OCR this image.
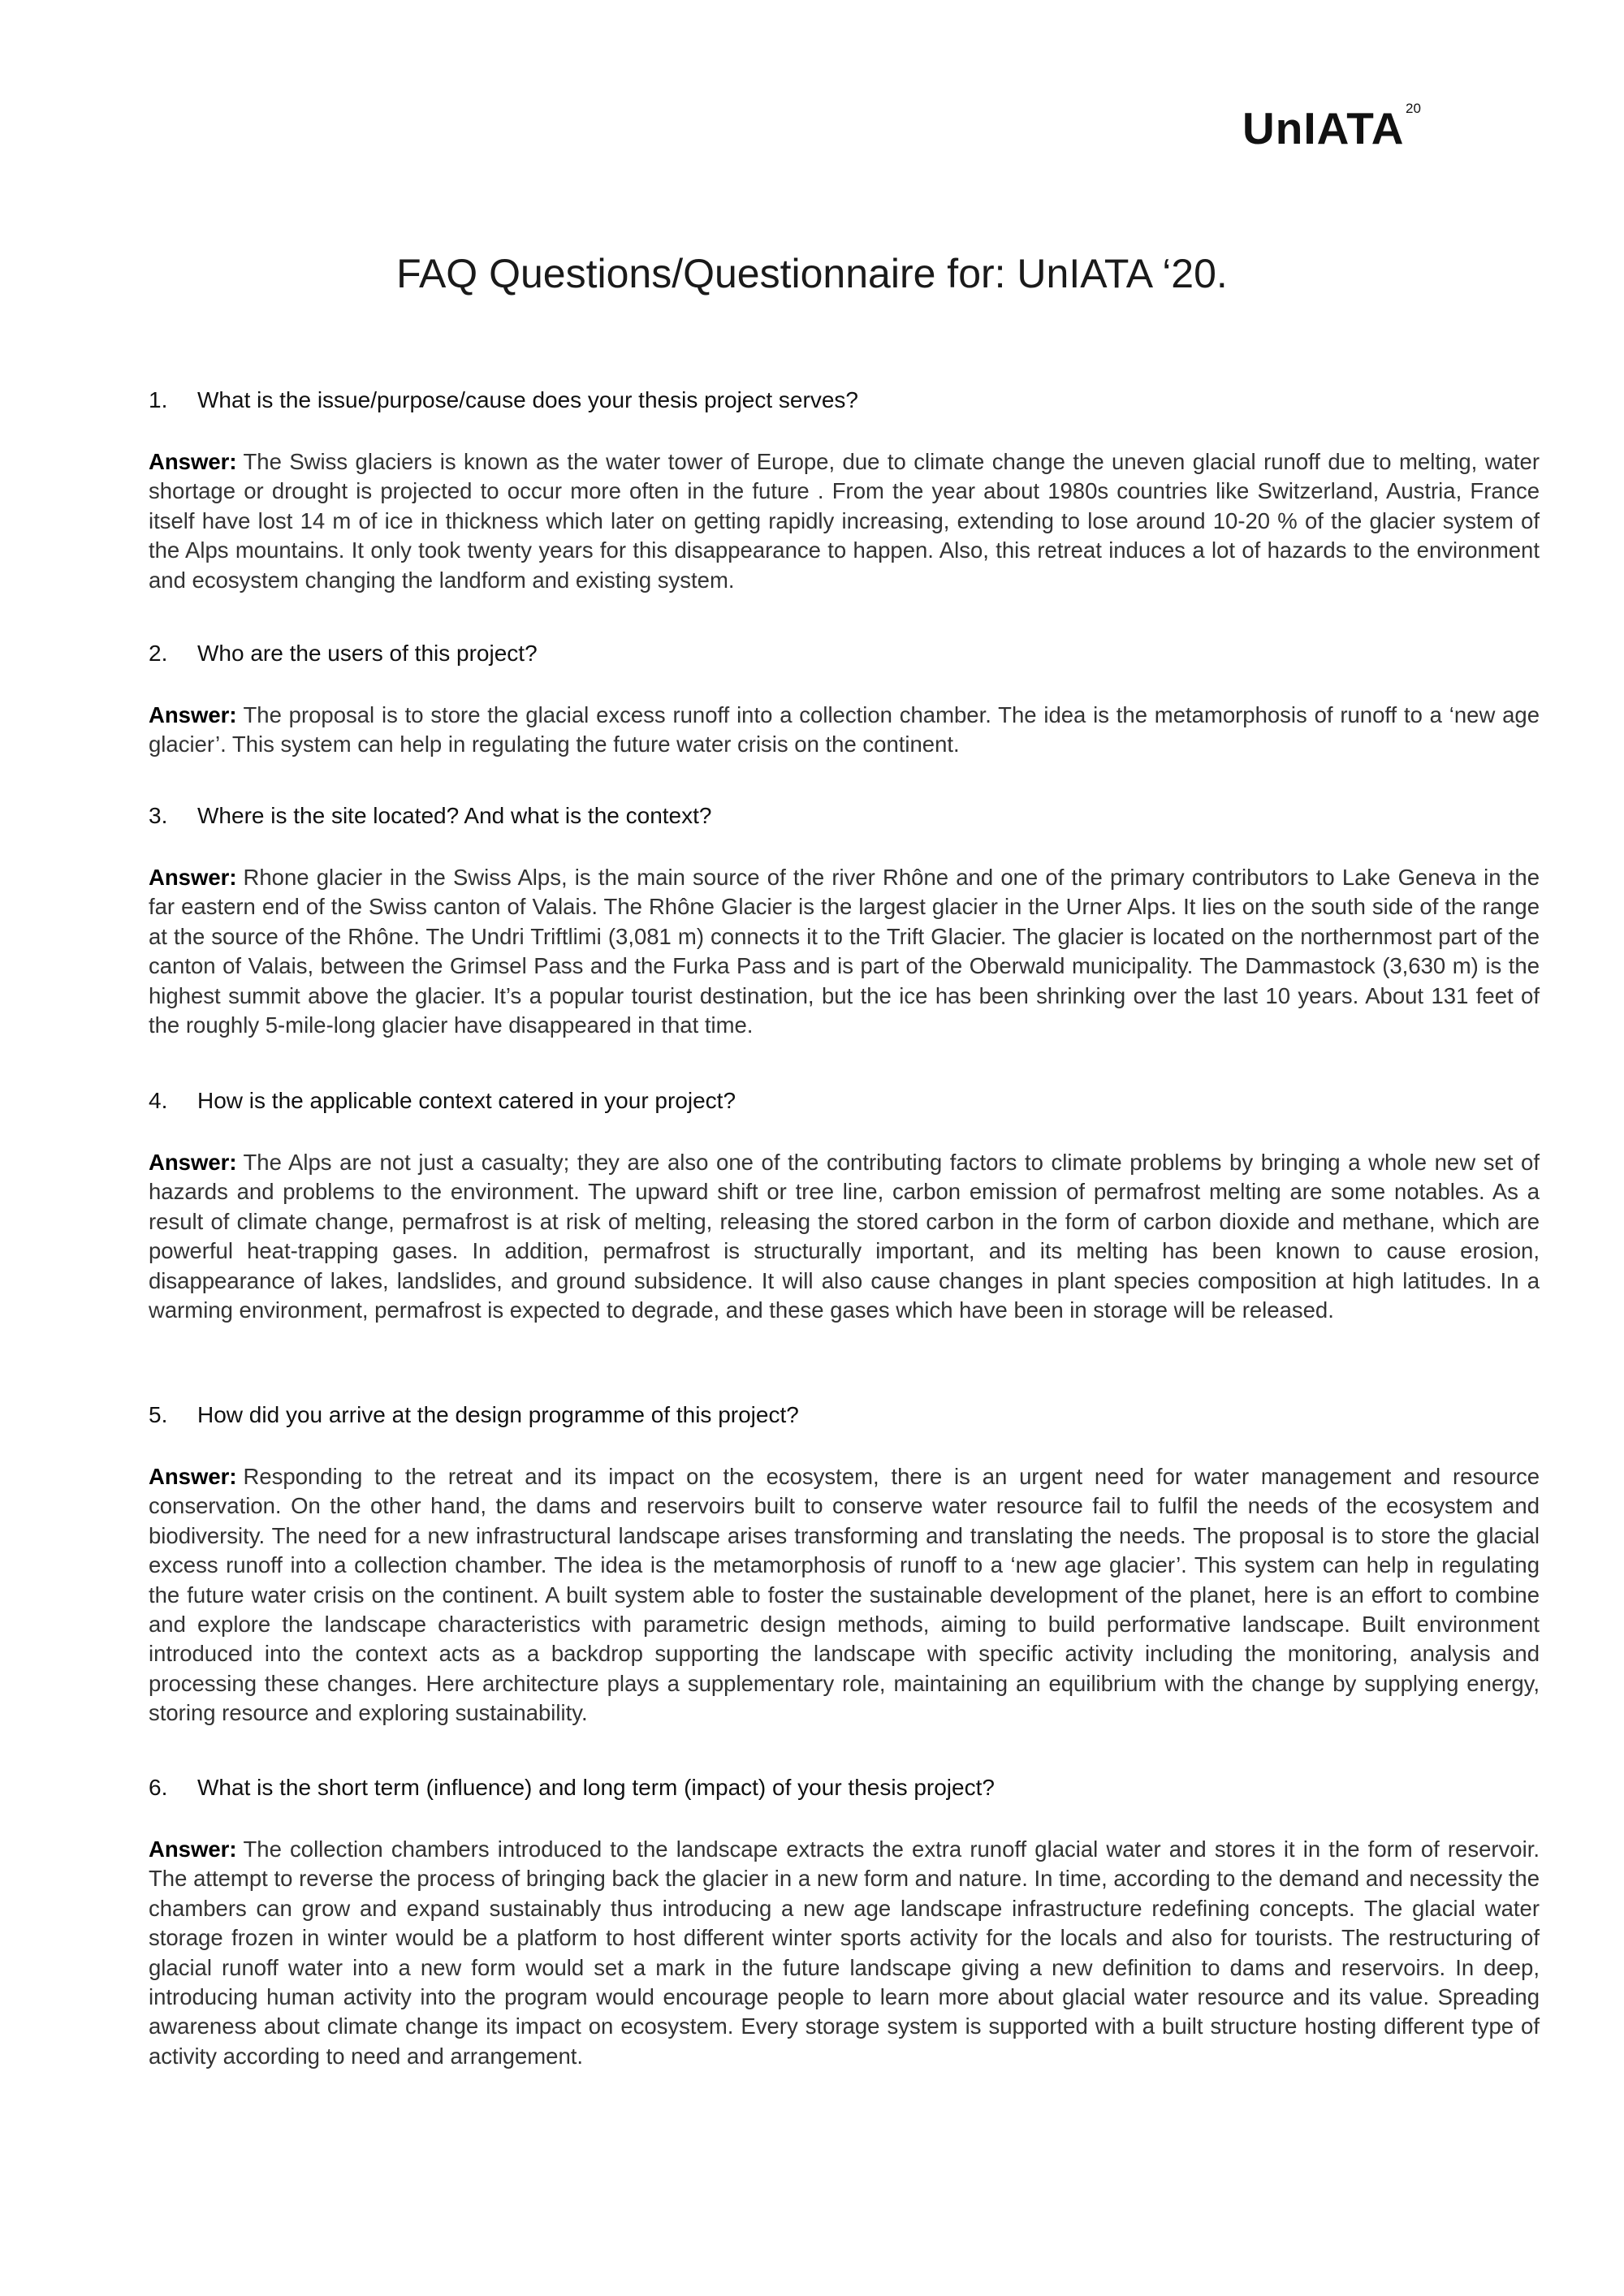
UnIATA 20
FAQ Questions/Questionnaire for: UnIATA ‘20.

1.	What is the issue/purpose/cause does your thesis project serves?

Answer: The Swiss glaciers is known as the water tower of Europe, due to climate change the uneven glacial runoff due to melting, water shortage or drought is projected to occur more often in the future . From the year about 1980s countries like Switzerland, Austria, France itself have lost 14 m of ice in thickness which later on getting rapidly increasing, extending to lose around 10-20 % of the glacier system of the Alps mountains. It only took twenty years for this disappearance to happen. Also, this retreat induces a lot of hazards to the environment and ecosystem changing the landform and existing system.

2.	Who are the users of this project?

Answer: The proposal is to store the glacial excess runoff into a collection chamber. The idea is the metamorphosis of runoff to a ‘new age glacier’. This system can help in regulating the future water crisis on the continent.

3.	Where is the site located? And what is the context?

Answer: Rhone glacier in the Swiss Alps, is the main source of the river Rhône and one of the primary contributors to Lake Geneva in the far eastern end of the Swiss canton of Valais. The Rhône Glacier is the largest glacier in the Urner Alps. It lies on the south side of the range at the source of the Rhône. The Undri Triftlimi (3,081 m) connects it to the Trift Glacier. The glacier is located on the northernmost part of the canton of Valais, between the Grimsel Pass and the Furka Pass and is part of the Oberwald municipality. The Dammastock (3,630 m) is the highest summit above the glacier. It’s a popular tourist destination, but the ice has been shrinking over the last 10 years. About 131 feet of the roughly 5-mile-long glacier have disappeared in that time.

4.	How is the applicable context catered in your project?

Answer: The Alps are not just a casualty; they are also one of the contributing factors to climate problems by bringing a whole new set of hazards and problems to the environment. The upward shift or tree line, carbon emission of permafrost melting are some notables. As a result of climate change, permafrost is at risk of melting, releasing the stored carbon in the form of carbon dioxide and methane, which are powerful heat-trapping gases. In addition, permafrost is structurally important, and its melting has been known to cause erosion, disappearance of lakes, landslides, and ground subsidence. It will also cause changes in plant species composition at high latitudes. In a warming environment, permafrost is expected to degrade, and these gases which have been in storage will be released.

5.	How did you arrive at the design programme of this project?

Answer: Responding to the retreat and its impact on the ecosystem, there is an urgent need for water management and resource conservation. On the other hand, the dams and reservoirs built to conserve water resource fail to fulfil the needs of the ecosystem and biodiversity. The need for a new infrastructural landscape arises transforming and translating the needs. The proposal is to store the glacial excess runoff into a collection chamber. The idea is the metamorphosis of runoff to a ‘new age glacier’. This system can help in regulating the future water crisis on the continent. A built system able to foster the sustainable development of the planet, here is an effort to combine and explore the landscape characteristics with parametric design methods, aiming to build performative landscape. Built environment introduced into the context acts as a backdrop supporting the landscape with specific activity including the monitoring, analysis and processing these changes. Here architecture plays a supplementary role, maintaining an equilibrium with the change by supplying energy, storing resource and exploring sustainability.

6.	What is the short term (influence) and long term (impact) of your thesis project?

Answer: The collection chambers introduced to the landscape extracts the extra runoff glacial water and stores it in the form of reservoir. The attempt to reverse the process of bringing back the glacier in a new form and nature. In time, according to the demand and necessity the chambers can grow and expand sustainably thus introducing a new age landscape infrastructure redefining concepts. The glacial water storage frozen in winter would be a platform to host different winter sports activity for the locals and also for tourists. The restructuring of glacial runoff water into a new form would set a mark in the future landscape giving a new definition to dams and reservoirs. In deep, introducing human activity into the program would encourage people to learn more about glacial water resource and its value. Spreading awareness about climate change its impact on ecosystem. Every storage system is supported with a built structure hosting different type of activity according to need and arrangement.
